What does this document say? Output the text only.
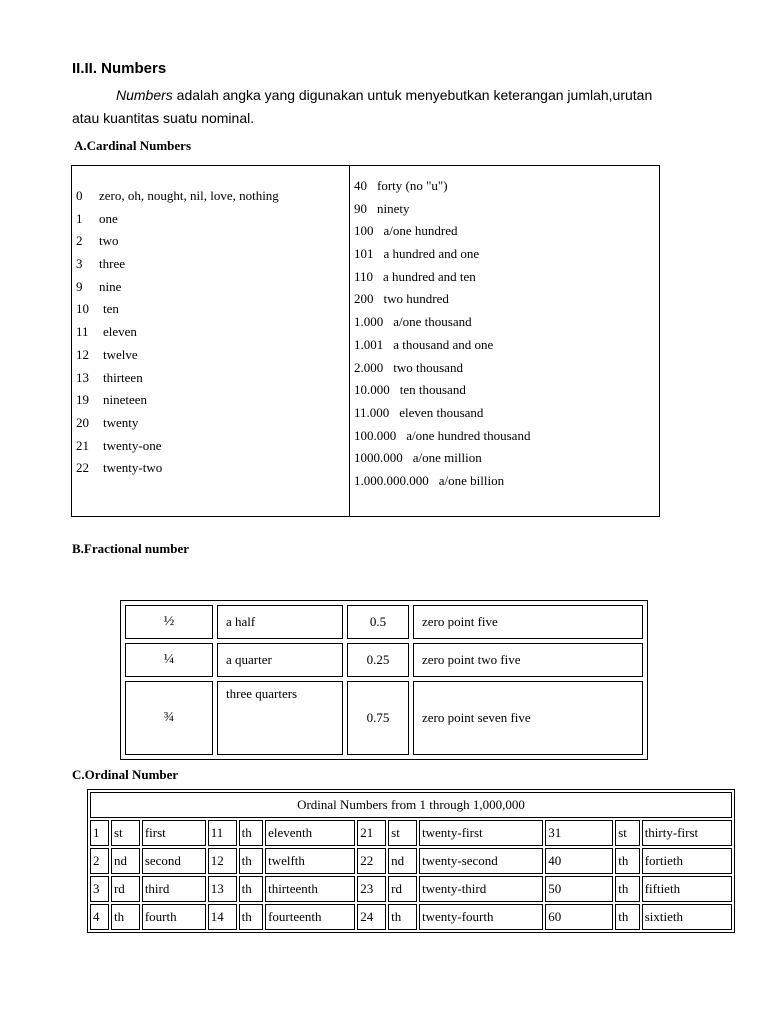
II.II. Numbers

Numbers adalah angka yang digunakan untuk menyebutkan keterangan jumlah,urutan

atau kuantitas suatu nominal.

A.Cardinal Numbers
0 zero, oh, nought, nil, love, nothing
1 one
2 two
3 three
9 nine
10 ten
11 eleven
12 twelve
13 thirteen
19 nineteen
20 twenty
21 twenty-one
22 twenty-two
40 forty (no "u")
90 ninety
100 a/one hundred
101 a hundred and one
110 a hundred and ten
200 two hundred
1.000 a/one thousand
1.001 a thousand and one
2.000 two thousand
10.000 ten thousand
11.000 eleven thousand
100.000 a/one hundred thousand
1000.000 a/one million
1.000.000.000 a/one billion
B.Fractional number
½	a half	0.5	zero point five
¼	a quarter	0.25	zero point two five
¾	three quarters	0.75	zero point seven five
C.Ordinal Number
Ordinal Numbers from 1 through 1,000,000											
1	st	first	11	th	eleventh	21	st	twenty-first	31	st	thirty-first
2	nd	second	12	th	twelfth	22	nd	twenty-second	40	th	fortieth
3	rd	third	13	th	thirteenth	23	rd	twenty-third	50	th	fiftieth
4	th	fourth	14	th	fourteenth	24	th	twenty-fourth	60	th	sixtieth
